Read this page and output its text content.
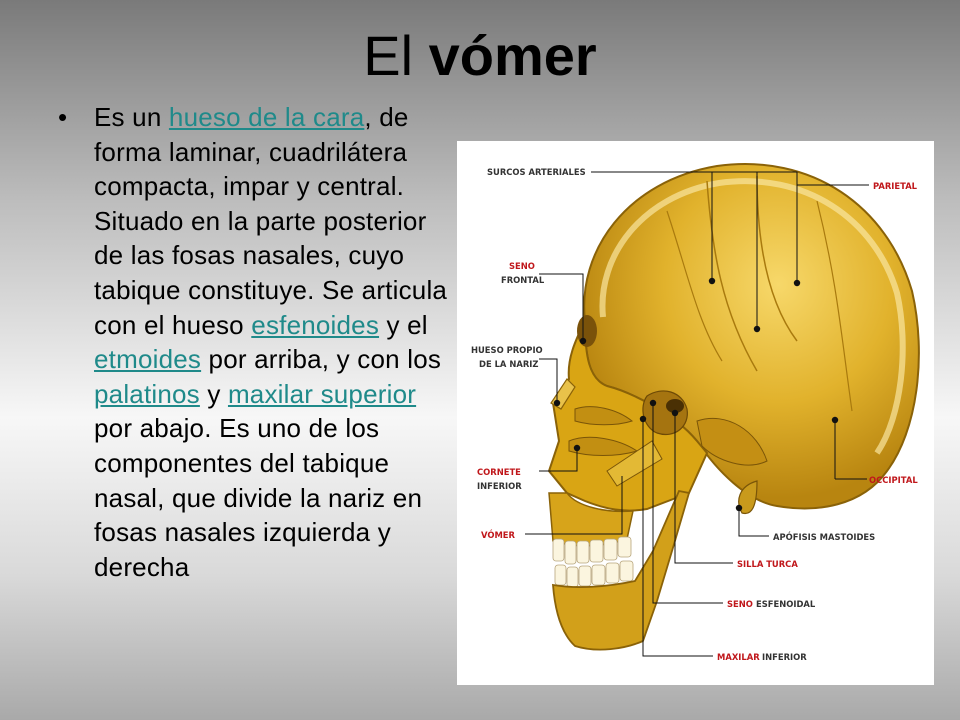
El vómer
• Es un hueso de la cara, de forma laminar, cuadrilátera compacta, impar y central. Situado en la parte posterior de las fosas nasales, cuyo tabique constituye. Se articula con el hueso esfenoides y el etmoides por arriba, y con los palatinos y maxilar superior por abajo. Es uno de los componentes del tabique nasal, que divide la nariz en fosas nasales izquierda y derecha
SURCOS ARTERIALES
PARIETAL
SENO
FRONTAL
HUESO PROPIO
DE LA NARIZ
CORNETE
INFERIOR
OCCIPITAL
VÓMER	APÓFISIS MASTOIDES
SILLA TURCA
SENO ESFENOIDAL
MAXILAR INFERIOR
